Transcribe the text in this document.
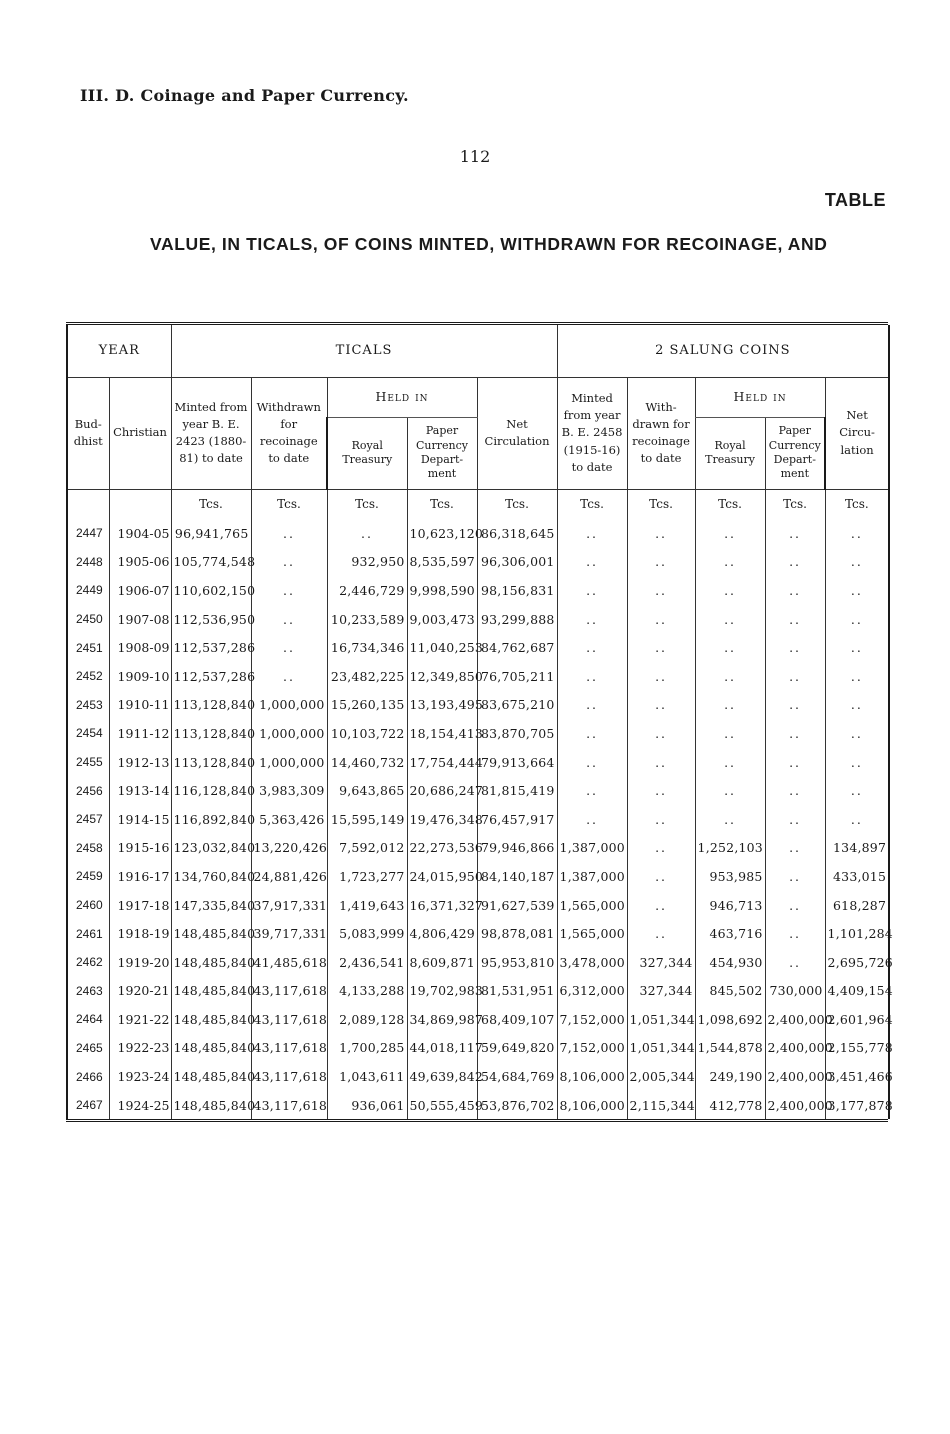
III. D. Coinage and Paper Currency.
112
TABLE
VALUE, IN TICALS, OF COINS MINTED, WITHDRAWN FOR RECOINAGE, AND
YEAR		TICALS					2 SALUNG COINS				
Bud-dhist	Christian	Minted from year B. E. 2423 (1880-81) to date	Withdrawn for recoinage to date	Held in		Net Circulation	Minted from year B. E. 2458 (1915-16) to date	With-drawn for recoinage to date	Held in		Net Circu-lation
				Royal Treasury	Paper Currency Depart-ment				Royal Treasury	Paper Currency Depart-ment	
		Tcs.	Tcs.	Tcs.	Tcs.	Tcs.	Tcs.	Tcs.	Tcs.	Tcs.	Tcs.
2447	1904-05	96,941,765	..	..	10,623,120	86,318,645	..	..	..	..	..
2448	1905-06	105,774,548	..	932,950	8,535,597	96,306,001	..	..	..	..	..
2449	1906-07	110,602,150	..	2,446,729	9,998,590	98,156,831	..	..	..	..	..
2450	1907-08	112,536,950	..	10,233,589	9,003,473	93,299,888	..	..	..	..	..
2451	1908-09	112,537,286	..	16,734,346	11,040,253	84,762,687	..	..	..	..	..
2452	1909-10	112,537,286	..	23,482,225	12,349,850	76,705,211	..	..	..	..	..
2453	1910-11	113,128,840	1,000,000	15,260,135	13,193,495	83,675,210	..	..	..	..	..
2454	1911-12	113,128,840	1,000,000	10,103,722	18,154,413	83,870,705	..	..	..	..	..
2455	1912-13	113,128,840	1,000,000	14,460,732	17,754,444	79,913,664	..	..	..	..	..
2456	1913-14	116,128,840	3,983,309	9,643,865	20,686,247	81,815,419	..	..	..	..	..
2457	1914-15	116,892,840	5,363,426	15,595,149	19,476,348	76,457,917	..	..	..	..	..
2458	1915-16	123,032,840	13,220,426	7,592,012	22,273,536	79,946,866	1,387,000	..	1,252,103	..	134,897
2459	1916-17	134,760,840	24,881,426	1,723,277	24,015,950	84,140,187	1,387,000	..	953,985	..	433,015
2460	1917-18	147,335,840	37,917,331	1,419,643	16,371,327	91,627,539	1,565,000	..	946,713	..	618,287
2461	1918-19	148,485,840	39,717,331	5,083,999	4,806,429	98,878,081	1,565,000	..	463,716	..	1,101,284
2462	1919-20	148,485,840	41,485,618	2,436,541	8,609,871	95,953,810	3,478,000	327,344	454,930	..	2,695,726
2463	1920-21	148,485,840	43,117,618	4,133,288	19,702,983	81,531,951	6,312,000	327,344	845,502	730,000	4,409,154
2464	1921-22	148,485,840	43,117,618	2,089,128	34,869,987	68,409,107	7,152,000	1,051,344	1,098,692	2,400,000	2,601,964
2465	1922-23	148,485,840	43,117,618	1,700,285	44,018,117	59,649,820	7,152,000	1,051,344	1,544,878	2,400,000	2,155,778
2466	1923-24	148,485,840	43,117,618	1,043,611	49,639,842	54,684,769	8,106,000	2,005,344	249,190	2,400,000	3,451,466
2467	1924-25	148,485,840	43,117,618	936,061	50,555,459	53,876,702	8,106,000	2,115,344	412,778	2,400,000	3,177,878
